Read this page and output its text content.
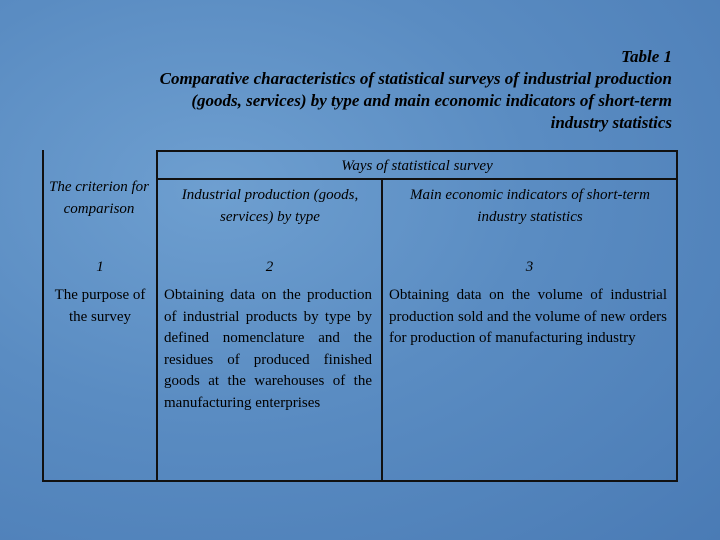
Table 1
Comparative characteristics of statistical surveys of industrial production
(goods, services) by type and main economic indicators of short-term
industry statistics
The criterion for comparison
Ways of statistical survey
Industrial production (goods, services) by type
Main economic indicators of short-term industry statistics
1	2	3
The purpose of the survey
Obtaining data on the production of industrial products by type by defined nomenclature and the residues of produced finished goods at the warehouses of the manufacturing enterprises
Obtaining data on the volume of industrial production sold and the volume of new orders for production of manufacturing industry
